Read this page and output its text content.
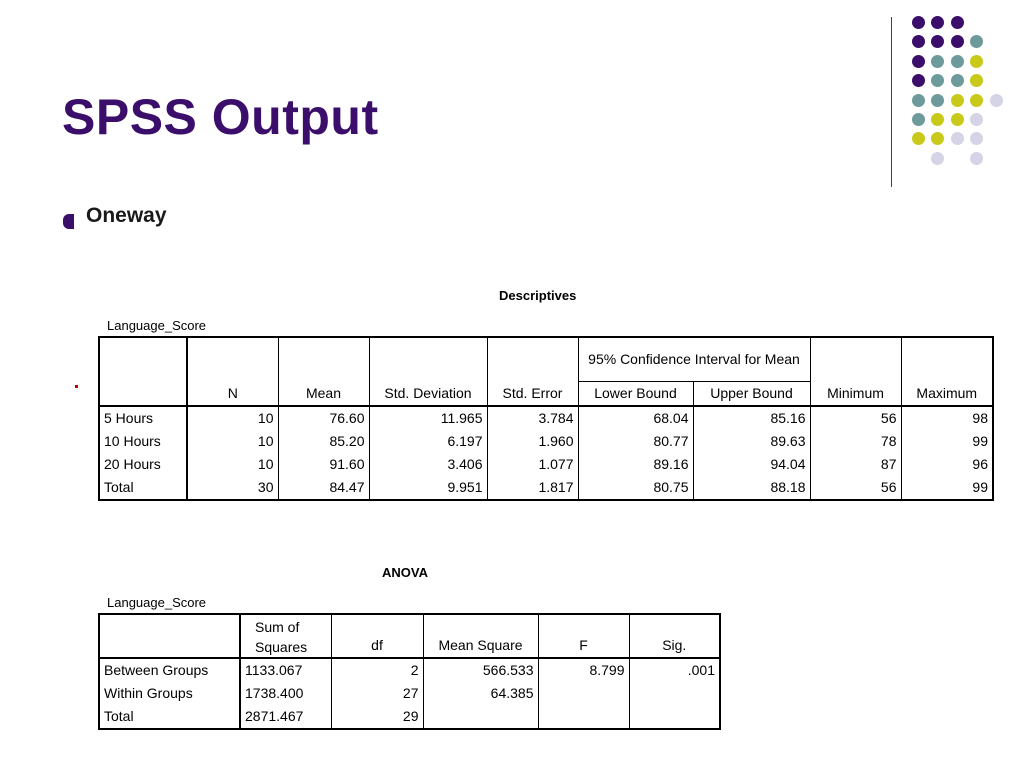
SPSS Output
Oneway
Descriptives
Language_Score
	N	Mean	Std. Deviation	Std. Error	95% Confidence Interval for Mean		Minimum	Maximum
					Lower Bound	Upper Bound		
5 Hours	10	76.60	11.965	3.784	68.04	85.16	56	98
10 Hours	10	85.20	6.197	1.960	80.77	89.63	78	99
20 Hours	10	91.60	3.406	1.077	89.16	94.04	87	96
Total	30	84.47	9.951	1.817	80.75	88.18	56	99
ANOVA
Language_Score
	Sum of Squares	df	Mean Square	F	Sig.
Between Groups	1133.067	2	566.533	8.799	.001
Within Groups	1738.400	27	64.385		
Total	2871.467	29			
